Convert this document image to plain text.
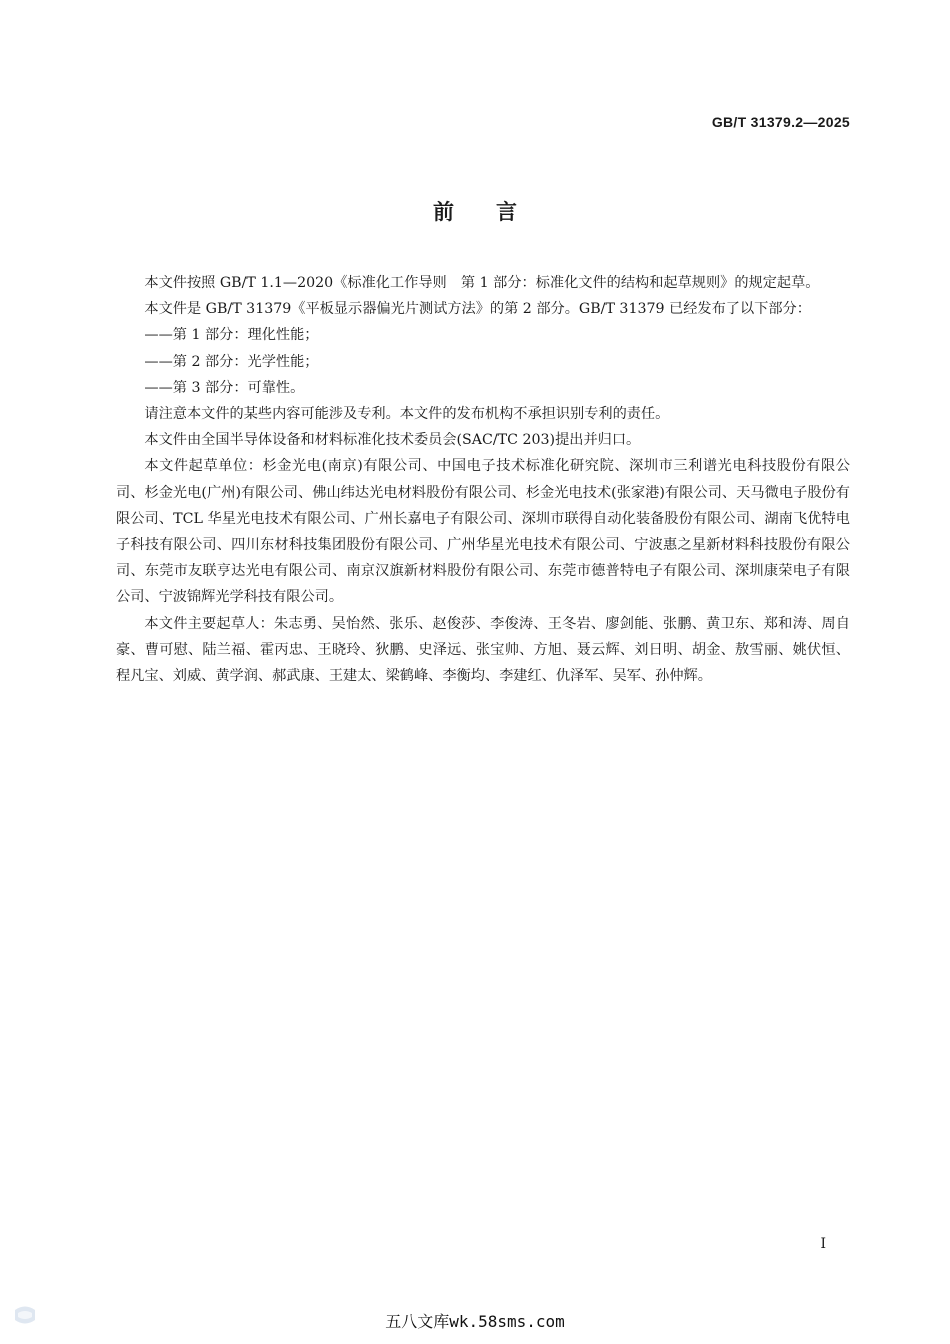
GB/T 31379.2—2025
前言

本文件按照 GB/T 1.1—2020《标准化工作导则　第 1 部分：标准化文件的结构和起草规则》的规定起草。

本文件是 GB/T 31379《平板显示器偏光片测试方法》的第 2 部分。GB/T 31379 已经发布了以下部分：

——第 1 部分：理化性能；

——第 2 部分：光学性能；

——第 3 部分：可靠性。

请注意本文件的某些内容可能涉及专利。本文件的发布机构不承担识别专利的责任。

本文件由全国半导体设备和材料标准化技术委员会(SAC/TC 203)提出并归口。

本文件起草单位：杉金光电(南京)有限公司、中国电子技术标准化研究院、深圳市三利谱光电科技股份有限公司、杉金光电(广州)有限公司、佛山纬达光电材料股份有限公司、杉金光电技术(张家港)有限公司、天马微电子股份有限公司、TCL 华星光电技术有限公司、广州长嘉电子有限公司、深圳市联得自动化装备股份有限公司、湖南飞优特电子科技有限公司、四川东材科技集团股份有限公司、广州华星光电技术有限公司、宁波惠之星新材料科技股份有限公司、东莞市友联亨达光电有限公司、南京汉旗新材料股份有限公司、东莞市德普特电子有限公司、深圳康荣电子有限公司、宁波锦辉光学科技有限公司。

本文件主要起草人：朱志勇、吴怡然、张乐、赵俊莎、李俊涛、王冬岩、廖剑能、张鹏、黄卫东、郑和涛、周自豪、曹可慰、陆兰福、霍丙忠、王晓玲、狄鹏、史泽远、张宝帅、方旭、聂云辉、刘日明、胡金、敖雪丽、姚伏恒、程凡宝、刘威、黄学润、郝武康、王建太、梁鹤峰、李衡均、李建红、仇泽军、吴军、孙仲辉。

I
五八文库wk.58sms.com
